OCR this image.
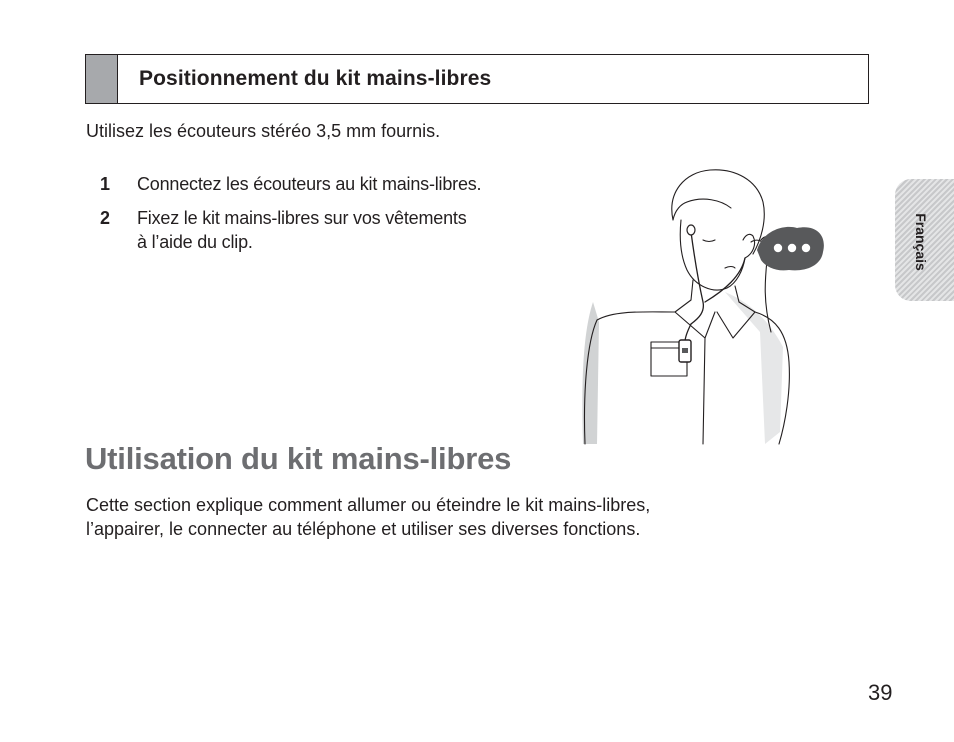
Positionnement du kit mains-libres
Utilisez les écouteurs stéréo 3,5 mm fournis.
1	Connectez les écouteurs au kit mains-libres.
2	Fixez le kit mains-libres sur vos vêtements
à l’aide du clip.	Français
Utilisation du kit mains-libres
Cette section explique comment allumer ou éteindre le kit mains-libres,
l’appairer, le connecter au téléphone et utiliser ses diverses fonctions.
39
